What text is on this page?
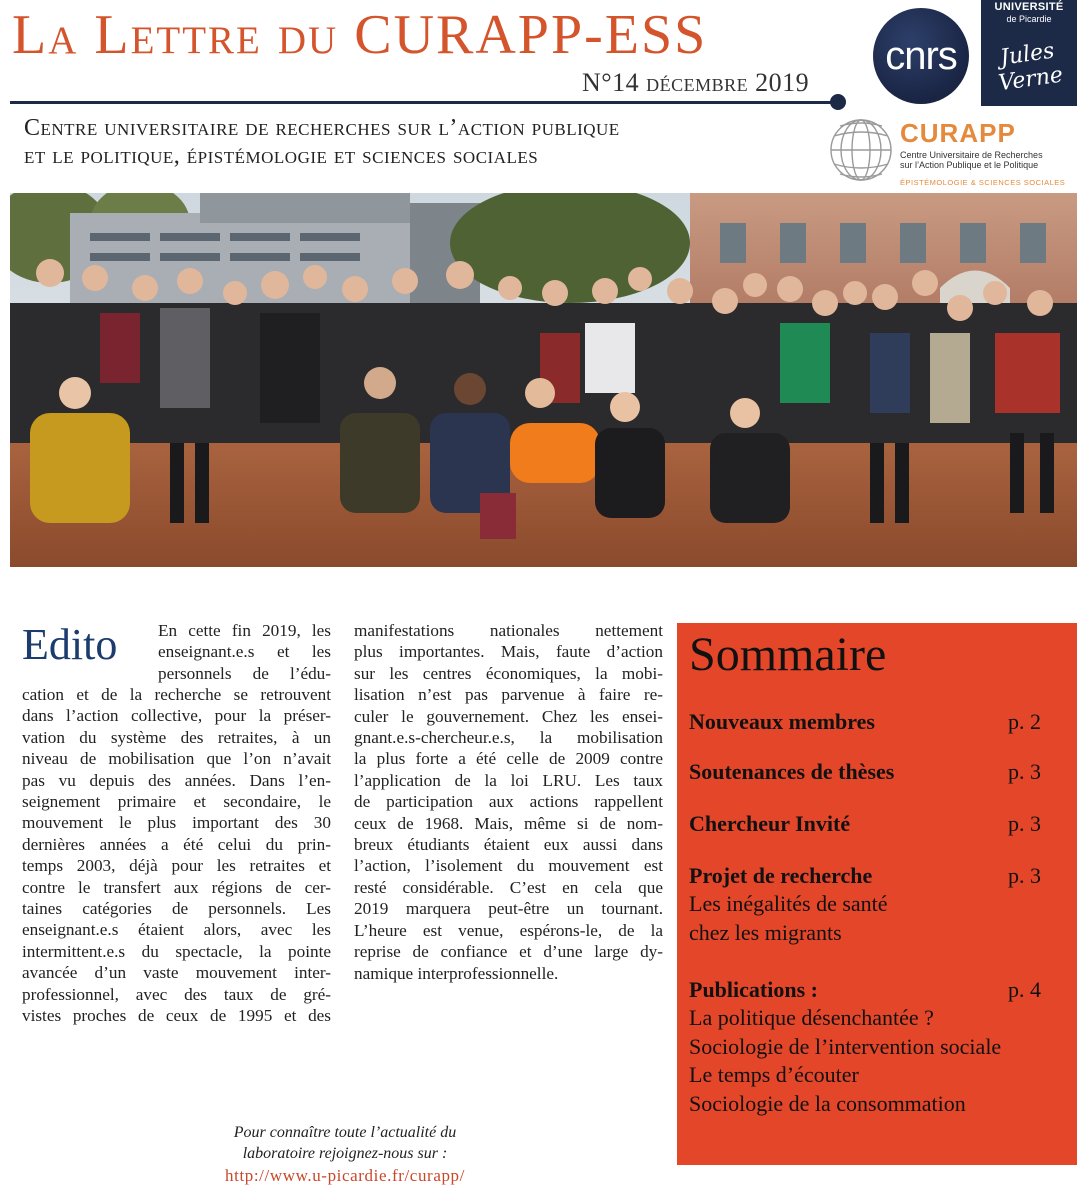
La Lettre du CURAPP-ESS
N°14 décembre 2019
cnrs
UNIVERSITÉ
de Picardie
Jules Verne
Centre universitaire de recherches sur l’action publique
et le politique, épistémologie et sciences sociales
CURAPP
Centre Universitaire de Recherches
sur l’Action Publique et le Politique
ÉPISTÉMOLOGIE & SCIENCES SOCIALES
Edito En cette fin 2019, les
enseignant.e.s et les
personnels de l’édu-
cation et de la recherche se retrouvent
dans l’action collective, pour la préser-
vation du système des retraites, à un
niveau de mobilisation que l’on n’avait
pas vu depuis des années. Dans l’en-
seignement primaire et secondaire, le
mouvement le plus important des 30
dernières années a été celui du prin-
temps 2003, déjà pour les retraites et
contre le transfert aux régions de cer-
taines catégories de personnels. Les
enseignant.e.s étaient alors, avec les
intermittent.e.s du spectacle, la pointe
avancée d’un vaste mouvement inter-
professionnel, avec des taux de gré-
vistes proches de ceux de 1995 et des
manifestations nationales nettement
plus importantes. Mais, faute d’action
sur les centres économiques, la mobi-
lisation n’est pas parvenue à faire re-
culer le gouvernement. Chez les ensei-
gnant.e.s-chercheur.e.s, la mobilisation
la plus forte a été celle de 2009 contre
l’application de la loi LRU. Les taux
de participation aux actions rappellent
ceux de 1968. Mais, même si de nom-
breux étudiants étaient eux aussi dans
l’action, l’isolement du mouvement est
resté considérable. C’est en cela que
2019 marquera peut-être un tournant.
L’heure est venue, espérons-le, de la
reprise de confiance et d’une large dy-
namique interprofessionnelle.
Sommaire
Nouveaux membres	p. 2
Soutenances de thèses	p. 3
Chercheur Invité	p. 3
Projet de recherche	p. 3
Les inégalités de santé
chez les migrants
Publications :	p. 4
La politique désenchantée ?
Sociologie de l’intervention sociale
Le temps d’écouter
Sociologie de la consommation
Pour connaître toute l’actualité du
laboratoire rejoignez-nous sur :
http://www.u-picardie.fr/curapp/
